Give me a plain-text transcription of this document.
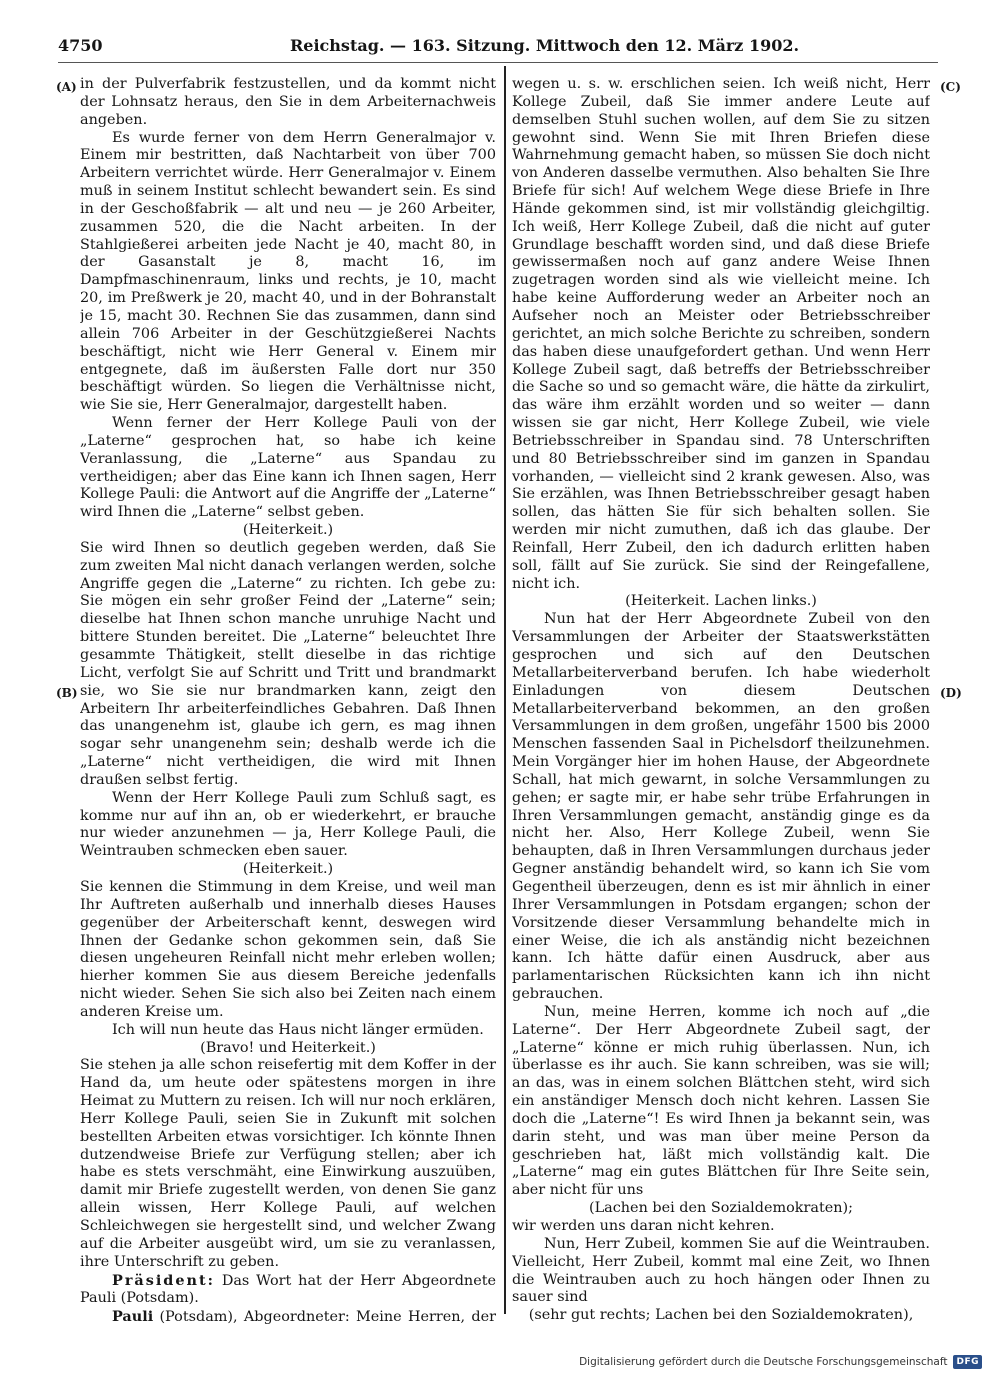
4750	Reichstag. — 163. Sitzung. Mittwoch den 12. März 1902.
(A)
(B)
(C)
(D)

in der Pulverfabrik festzustellen, und da kommt nicht der Lohnsatz heraus, den Sie in dem Arbeiternachweis angeben.

Es wurde ferner von dem Herrn Generalmajor v. Einem mir bestritten, daß Nachtarbeit von über 700 Arbeitern verrichtet würde. Herr Generalmajor v. Einem muß in seinem Institut schlecht bewandert sein. Es sind in der Geschoßfabrik — alt und neu — je 260 Arbeiter, zusammen 520, die die Nacht arbeiten. In der Stahlgießerei arbeiten jede Nacht je 40, macht 80, in der Gasanstalt je 8, macht 16, im Dampfmaschinenraum, links und rechts, je 10, macht 20, im Preßwerk je 20, macht 40, und in der Bohranstalt je 15, macht 30. Rechnen Sie das zusammen, dann sind allein 706 Arbeiter in der Geschützgießerei Nachts beschäftigt, nicht wie Herr General v. Einem mir entgegnete, daß im äußersten Falle dort nur 350 beschäftigt würden. So liegen die Verhältnisse nicht, wie Sie sie, Herr Generalmajor, dargestellt haben.

Wenn ferner der Herr Kollege Pauli von der „Laterne“ gesprochen hat, so habe ich keine Veranlassung, die „Laterne“ aus Spandau zu vertheidigen; aber das Eine kann ich Ihnen sagen, Herr Kollege Pauli: die Antwort auf die Angriffe der „Laterne“ wird Ihnen die „Laterne“ selbst geben.

(Heiterkeit.)

Sie wird Ihnen so deutlich gegeben werden, daß Sie zum zweiten Mal nicht danach verlangen werden, solche Angriffe gegen die „Laterne“ zu richten. Ich gebe zu: Sie mögen ein sehr großer Feind der „Laterne“ sein; dieselbe hat Ihnen schon manche unruhige Nacht und bittere Stunden bereitet. Die „Laterne“ beleuchtet Ihre gesammte Thätigkeit, stellt dieselbe in das richtige Licht, verfolgt Sie auf Schritt und Tritt und brandmarkt sie, wo Sie sie nur brandmarken kann, zeigt den Arbeitern Ihr arbeiterfeindliches Gebahren. Daß Ihnen das unangenehm ist, glaube ich gern, es mag ihnen sogar sehr unangenehm sein; deshalb werde ich die „Laterne“ nicht vertheidigen, die wird mit Ihnen draußen selbst fertig.

Wenn der Herr Kollege Pauli zum Schluß sagt, es komme nur auf ihn an, ob er wiederkehrt, er brauche nur wieder anzunehmen — ja, Herr Kollege Pauli, die Weintrauben schmecken eben sauer.

(Heiterkeit.)

Sie kennen die Stimmung in dem Kreise, und weil man Ihr Auftreten außerhalb und innerhalb dieses Hauses gegenüber der Arbeiterschaft kennt, deswegen wird Ihnen der Gedanke schon gekommen sein, daß Sie diesen ungeheuren Reinfall nicht mehr erleben wollen; hierher kommen Sie aus diesem Bereiche jedenfalls nicht wieder. Sehen Sie sich also bei Zeiten nach einem anderen Kreise um.

Ich will nun heute das Haus nicht länger ermüden.

(Bravo! und Heiterkeit.)

Sie stehen ja alle schon reisefertig mit dem Koffer in der Hand da, um heute oder spätestens morgen in ihre Heimat zu Muttern zu reisen. Ich will nur noch erklären, Herr Kollege Pauli, seien Sie in Zukunft mit solchen bestellten Arbeiten etwas vorsichtiger. Ich könnte Ihnen dutzendweise Briefe zur Verfügung stellen; aber ich habe es stets verschmäht, eine Einwirkung auszuüben, damit mir Briefe zugestellt werden, von denen Sie ganz allein wissen, Herr Kollege Pauli, auf welchen Schleichwegen sie hergestellt sind, und welcher Zwang auf die Arbeiter ausgeübt wird, um sie zu veranlassen, ihre Unterschrift zu geben.

Präsident: Das Wort hat der Herr Abgeordnete Pauli (Potsdam).

Pauli (Potsdam), Abgeordneter: Meine Herren, der

wegen u. s. w. erschlichen seien. Ich weiß nicht, Herr Kollege Zubeil, daß Sie immer andere Leute auf demselben Stuhl suchen wollen, auf dem Sie zu sitzen gewohnt sind. Wenn Sie mit Ihren Briefen diese Wahrnehmung gemacht haben, so müssen Sie doch nicht von Anderen dasselbe vermuthen. Also behalten Sie Ihre Briefe für sich! Auf welchem Wege diese Briefe in Ihre Hände gekommen sind, ist mir vollständig gleichgiltig. Ich weiß, Herr Kollege Zubeil, daß die nicht auf guter Grundlage beschafft worden sind, und daß diese Briefe gewissermaßen noch auf ganz andere Weise Ihnen zugetragen worden sind als wie vielleicht meine. Ich habe keine Aufforderung weder an Arbeiter noch an Aufseher noch an Meister oder Betriebsschreiber gerichtet, an mich solche Berichte zu schreiben, sondern das haben diese unaufgefordert gethan. Und wenn Herr Kollege Zubeil sagt, daß betreffs der Betriebsschreiber die Sache so und so gemacht wäre, die hätte da zirkulirt, das wäre ihm erzählt worden und so weiter — dann wissen sie gar nicht, Herr Kollege Zubeil, wie viele Betriebsschreiber in Spandau sind. 78 Unterschriften und 80 Betriebsschreiber sind im ganzen in Spandau vorhanden, — vielleicht sind 2 krank gewesen. Also, was Sie erzählen, was Ihnen Betriebsschreiber gesagt haben sollen, das hätten Sie für sich behalten sollen. Sie werden mir nicht zumuthen, daß ich das glaube. Der Reinfall, Herr Zubeil, den ich dadurch erlitten haben soll, fällt auf Sie zurück. Sie sind der Reingefallene, nicht ich.

(Heiterkeit. Lachen links.)

Nun hat der Herr Abgeordnete Zubeil von den Versammlungen der Arbeiter der Staatswerkstätten gesprochen und sich auf den Deutschen Metallarbeiterverband berufen. Ich habe wiederholt Einladungen von diesem Deutschen Metallarbeiterverband bekommen, an den großen Versammlungen in dem großen, ungefähr 1500 bis 2000 Menschen fassenden Saal in Pichelsdorf theilzunehmen. Mein Vorgänger hier im hohen Hause, der Abgeordnete Schall, hat mich gewarnt, in solche Versammlungen zu gehen; er sagte mir, er habe sehr trübe Erfahrungen in Ihren Versammlungen gemacht, anständig ginge es da nicht her. Also, Herr Kollege Zubeil, wenn Sie behaupten, daß in Ihren Versammlungen durchaus jeder Gegner anständig behandelt wird, so kann ich Sie vom Gegentheil überzeugen, denn es ist mir ähnlich in einer Ihrer Versammlungen in Potsdam ergangen; schon der Vorsitzende dieser Versammlung behandelte mich in einer Weise, die ich als anständig nicht bezeichnen kann. Ich hätte dafür einen Ausdruck, aber aus parlamentarischen Rücksichten kann ich ihn nicht gebrauchen.

Nun, meine Herren, komme ich noch auf „die Laterne“. Der Herr Abgeordnete Zubeil sagt, der „Laterne“ könne er mich ruhig überlassen. Nun, ich überlasse es ihr auch. Sie kann schreiben, was sie will; an das, was in einem solchen Blättchen steht, wird sich ein anständiger Mensch doch nicht kehren. Lassen Sie doch die „Laterne“! Es wird Ihnen ja bekannt sein, was darin steht, und was man über meine Person da geschrieben hat, läßt mich vollständig kalt. Die „Laterne“ mag ein gutes Blättchen für Ihre Seite sein, aber nicht für uns

(Lachen bei den Sozialdemokraten);

wir werden uns daran nicht kehren.

Nun, Herr Zubeil, kommen Sie auf die Weintrauben. Vielleicht, Herr Zubeil, kommt mal eine Zeit, wo Ihnen die Weintrauben auch zu hoch hängen oder Ihnen zu sauer sind

(sehr gut rechts; Lachen bei den Sozialdemokraten),

Digitalisierung gefördert durch die Deutsche Forschungsgemeinschaft	DFG
